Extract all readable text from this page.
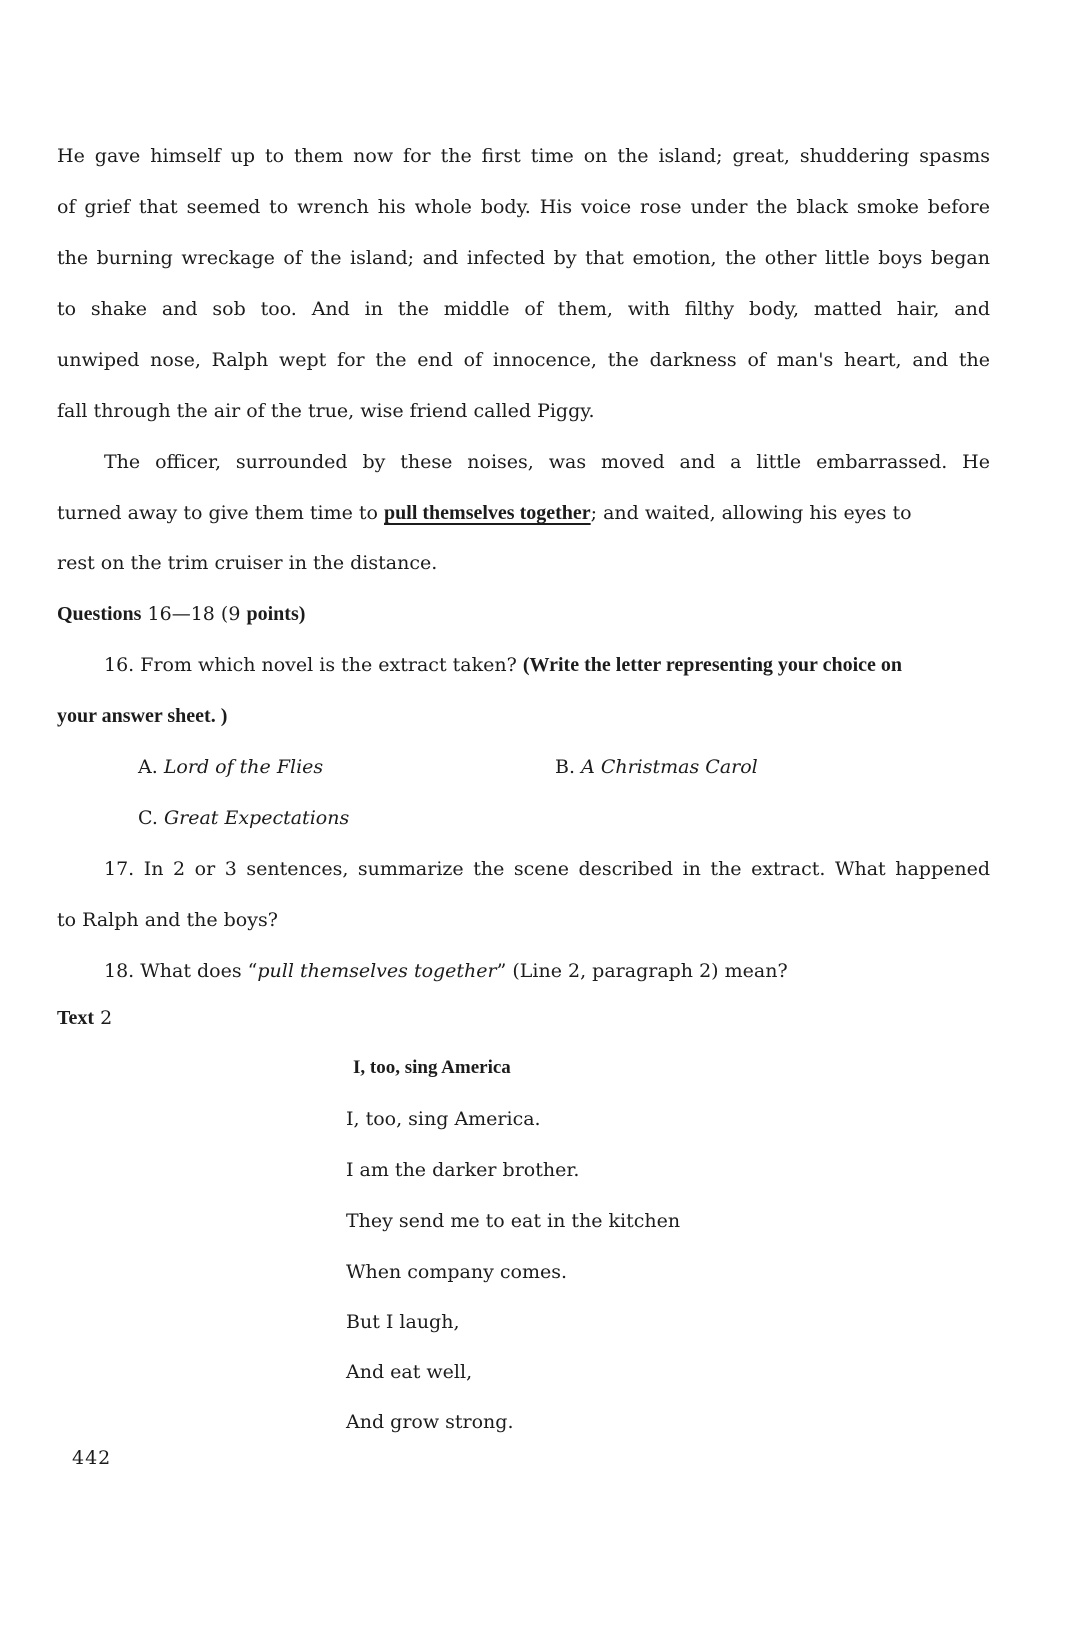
He gave himself up to them now for the first time on the island; great, shuddering spasms
of grief that seemed to wrench his whole body. His voice rose under the black smoke before
the burning wreckage of the island; and infected by that emotion, the other little boys began
to shake and sob too. And in the middle of them, with filthy body, matted hair, and
unwiped nose, Ralph wept for the end of innocence, the darkness of man's heart, and the
fall through the air of the true, wise friend called Piggy.
The officer, surrounded by these noises, was moved and a little embarrassed. He
turned away to give them time to pull themselves together; and waited, allowing his eyes to
rest on the trim cruiser in the distance.
Questions 16—18 (9 points)
16. From which novel is the extract taken? (Write the letter representing your choice on
your answer sheet. )
A. Lord of the Flies	B. A Christmas Carol
C. Great Expectations
17. In 2 or 3 sentences, summarize the scene described in the extract. What happened
to Ralph and the boys?
18. What does “pull themselves together” (Line 2, paragraph 2) mean?
Text 2
I, too, sing America
I, too, sing America.
I am the darker brother.
They send me to eat in the kitchen
When company comes.
But I laugh,
And eat well,
And grow strong.
442
